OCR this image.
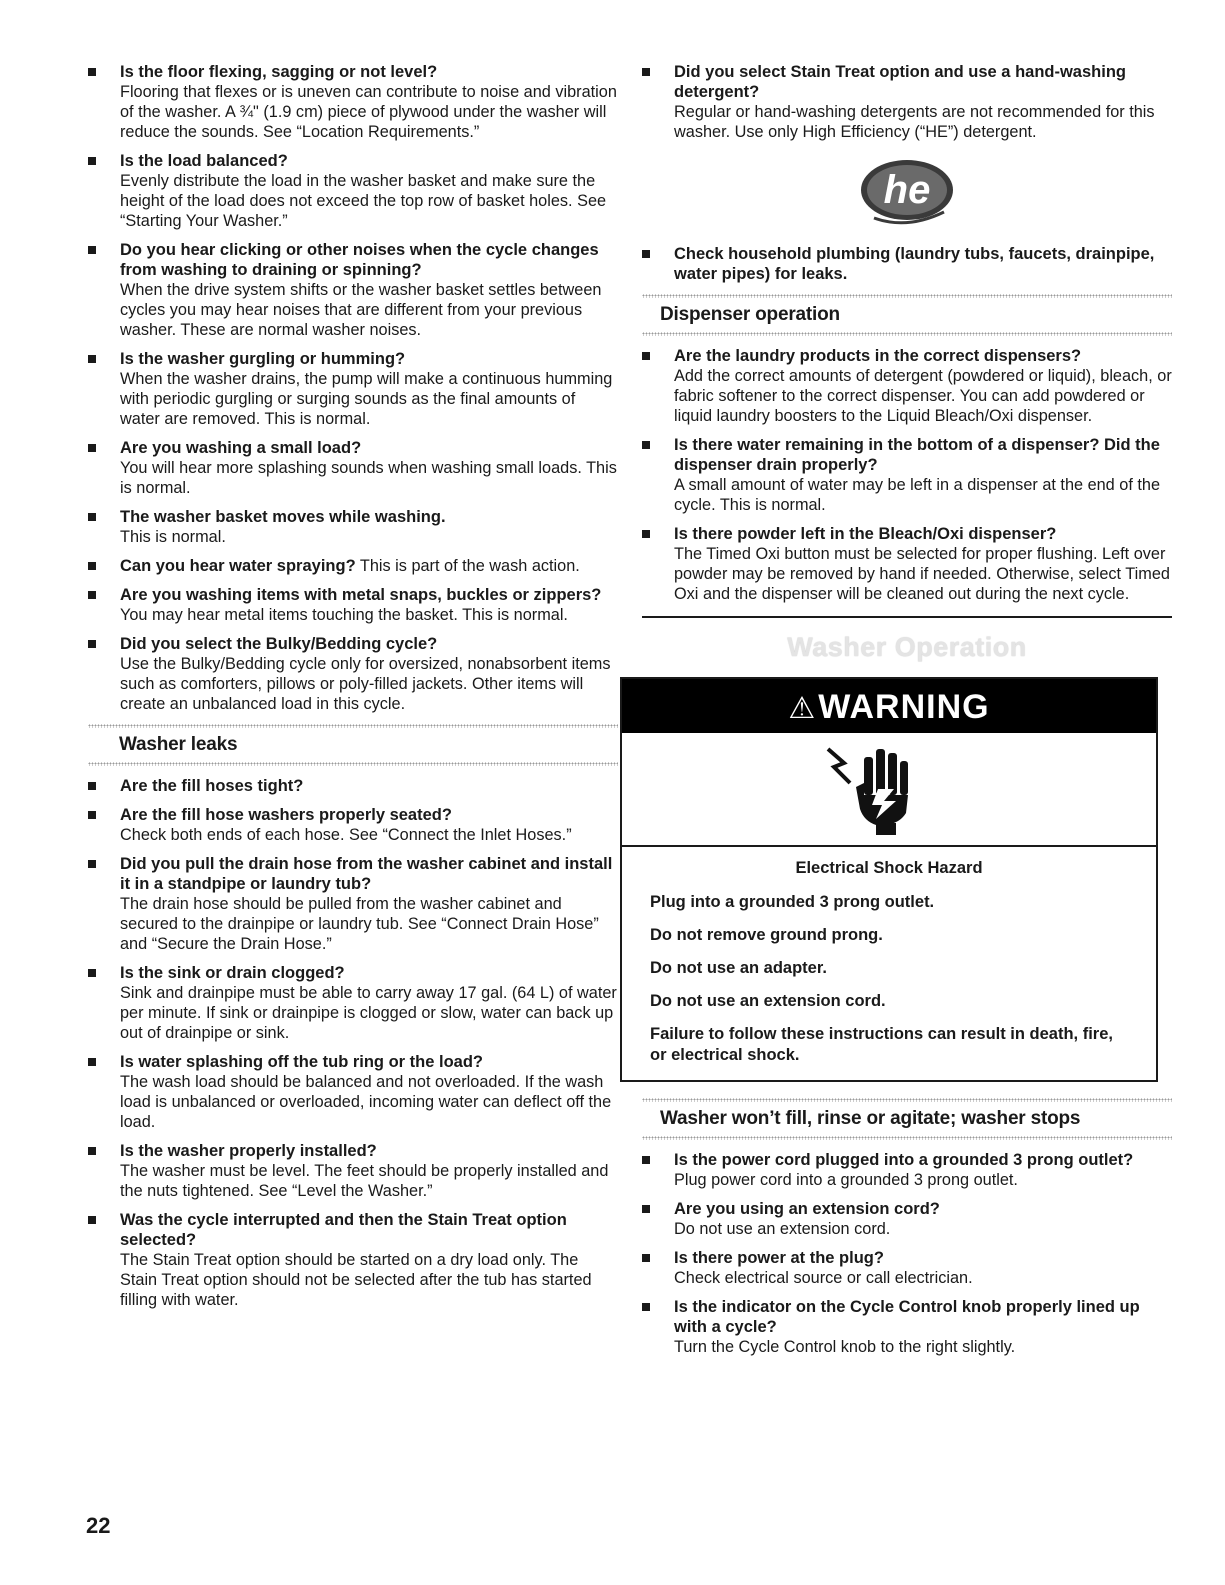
Is the floor flexing, sagging or not level?
Flooring that flexes or is uneven can contribute to noise and vibration of the washer. A ¾" (1.9 cm) piece of plywood under the washer will reduce the sounds. See “Location Requirements.”
Is the load balanced?
Evenly distribute the load in the washer basket and make sure the height of the load does not exceed the top row of basket holes. See “Starting Your Washer.”
Do you hear clicking or other noises when the cycle changes from washing to draining or spinning?
When the drive system shifts or the washer basket settles between cycles you may hear noises that are different from your previous washer. These are normal washer noises.
Is the washer gurgling or humming?
When the washer drains, the pump will make a continuous humming with periodic gurgling or surging sounds as the final amounts of water are removed. This is normal.
Are you washing a small load?
You will hear more splashing sounds when washing small loads. This is normal.
The washer basket moves while washing.
This is normal.
Can you hear water spraying? This is part of the wash action.
Are you washing items with metal snaps, buckles or zippers?
You may hear metal items touching the basket. This is normal.
Did you select the Bulky/Bedding cycle?
Use the Bulky/Bedding cycle only for oversized, nonabsorbent items such as comforters, pillows or poly-filled jackets. Other items will create an unbalanced load in this cycle.
Washer leaks
Are the fill hoses tight?
Are the fill hose washers properly seated?
Check both ends of each hose. See “Connect the Inlet Hoses.”
Did you pull the drain hose from the washer cabinet and install it in a standpipe or laundry tub?
The drain hose should be pulled from the washer cabinet and secured to the drainpipe or laundry tub. See “Connect Drain Hose” and “Secure the Drain Hose.”
Is the sink or drain clogged?
Sink and drainpipe must be able to carry away 17 gal. (64 L) of water per minute. If sink or drainpipe is clogged or slow, water can back up out of drainpipe or sink.
Is water splashing off the tub ring or the load?
The wash load should be balanced and not overloaded. If the wash load is unbalanced or overloaded, incoming water can deflect off the load.
Is the washer properly installed?
The washer must be level. The feet should be properly installed and the nuts tightened. See “Level the Washer.”
Was the cycle interrupted and then the Stain Treat option selected?
The Stain Treat option should be started on a dry load only. The Stain Treat option should not be selected after the tub has started filling with water.
Did you select Stain Treat option and use a hand-washing detergent?
Regular or hand-washing detergents are not recommended for this washer. Use only High Efficiency (“HE”) detergent.
he
Check household plumbing (laundry tubs, faucets, drainpipe, water pipes) for leaks.
Dispenser operation
Are the laundry products in the correct dispensers?
Add the correct amounts of detergent (powdered or liquid), bleach, or fabric softener to the correct dispenser. You can add powdered or liquid laundry boosters to the Liquid Bleach/Oxi dispenser.
Is there water remaining in the bottom of a dispenser? Did the dispenser drain properly?
A small amount of water may be left in a dispenser at the end of the cycle. This is normal.
Is there powder left in the Bleach/Oxi dispenser?
The Timed Oxi button must be selected for proper flushing. Left over powder may be removed by hand if needed. Otherwise, select Timed Oxi and the dispenser will be cleaned out during the next cycle.
Washer Operation
⚠WARNING
Electrical Shock Hazard

Plug into a grounded 3 prong outlet.

Do not remove ground prong.

Do not use an adapter.

Do not use an extension cord.

Failure to follow these instructions can result in death, fire, or electrical shock.

Washer won’t fill, rinse or agitate; washer stops
Is the power cord plugged into a grounded 3 prong outlet?
Plug power cord into a grounded 3 prong outlet.
Are you using an extension cord?
Do not use an extension cord.
Is there power at the plug?
Check electrical source or call electrician.
Is the indicator on the Cycle Control knob properly lined up with a cycle?
Turn the Cycle Control knob to the right slightly.
22
